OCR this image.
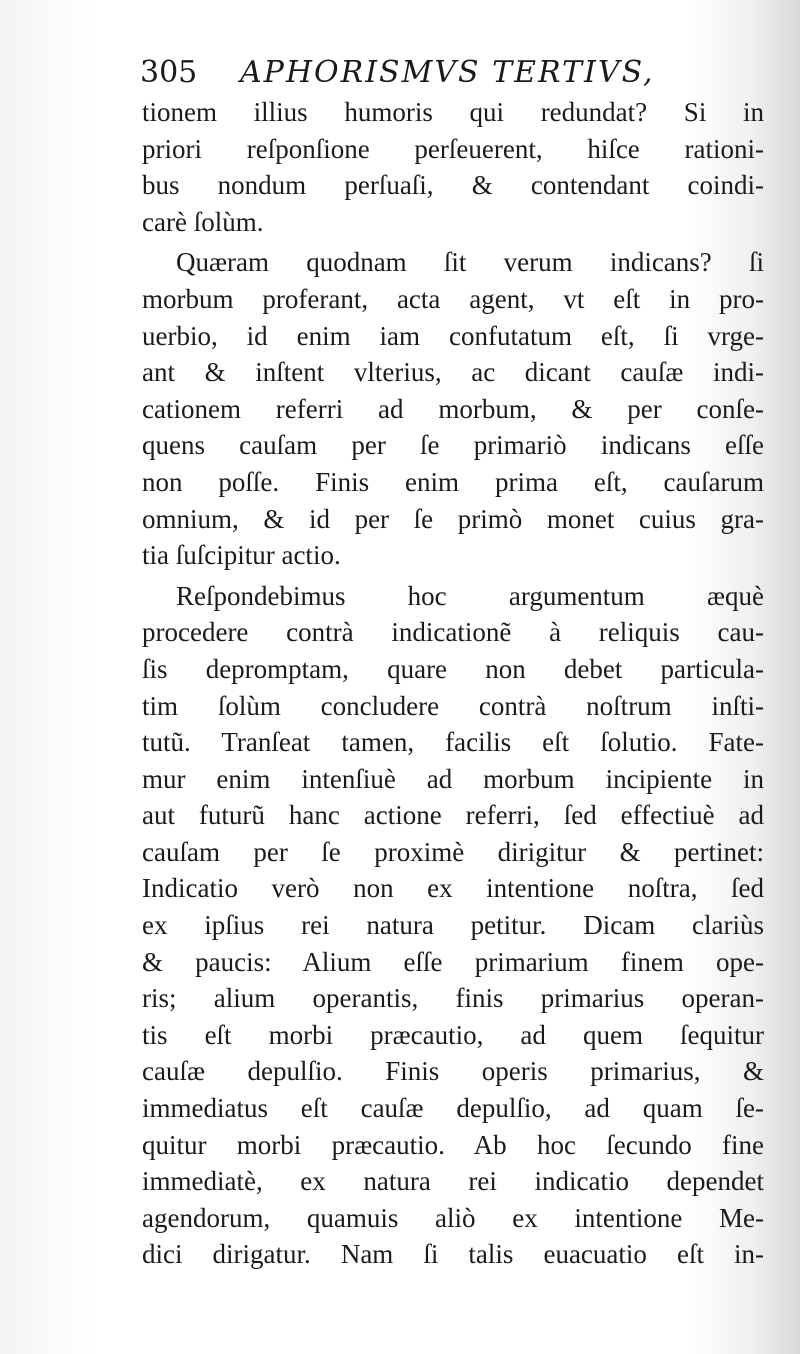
305 APHORISMVS TERTIVS,
tionem illius humoris qui redundat? Si in
priori reſponſione perſeuerent, hiſce rationi-
bus nondum perſuaſi, & contendant coindi-
carè ſolùm.
Quæram quodnam ſit verum indicans? ſi
morbum proferant, acta agent, vt eſt in pro-
uerbio, id enim iam confutatum eſt, ſi vrge-
ant & inſtent vlterius, ac dicant cauſæ indi-
cationem referri ad morbum, & per conſe-
quens cauſam per ſe primariò indicans eſſe
non poſſe. Finis enim prima eſt, cauſarum
omnium, & id per ſe primò monet cuius gra-
tia ſuſcipitur actio.
Reſpondebimus hoc argumentum æquè
procedere contrà indicationẽ à reliquis cau-
ſis depromptam, quare non debet particula-
tim ſolùm concludere contrà noſtrum inſti-
tutũ. Tranſeat tamen, facilis eſt ſolutio. Fate-
mur enim intenſiuè ad morbum incipiente in
aut futurũ hanc actione referri, ſed effectiuè ad
cauſam per ſe proximè dirigitur & pertinet:
Indicatio verò non ex intentione noſtra, ſed
ex ipſius rei natura petitur. Dicam clariùs
& paucis: Alium eſſe primarium finem ope-
ris; alium operantis, finis primarius operan-
tis eſt morbi præcautio, ad quem ſequitur
cauſæ depulſio. Finis operis primarius, &
immediatus eſt cauſæ depulſio, ad quam ſe-
quitur morbi præcautio. Ab hoc ſecundo fine
immediatè, ex natura rei indicatio dependet
agendorum, quamuis aliò ex intentione Me-
dici dirigatur. Nam ſi talis euacuatio eſt in-
